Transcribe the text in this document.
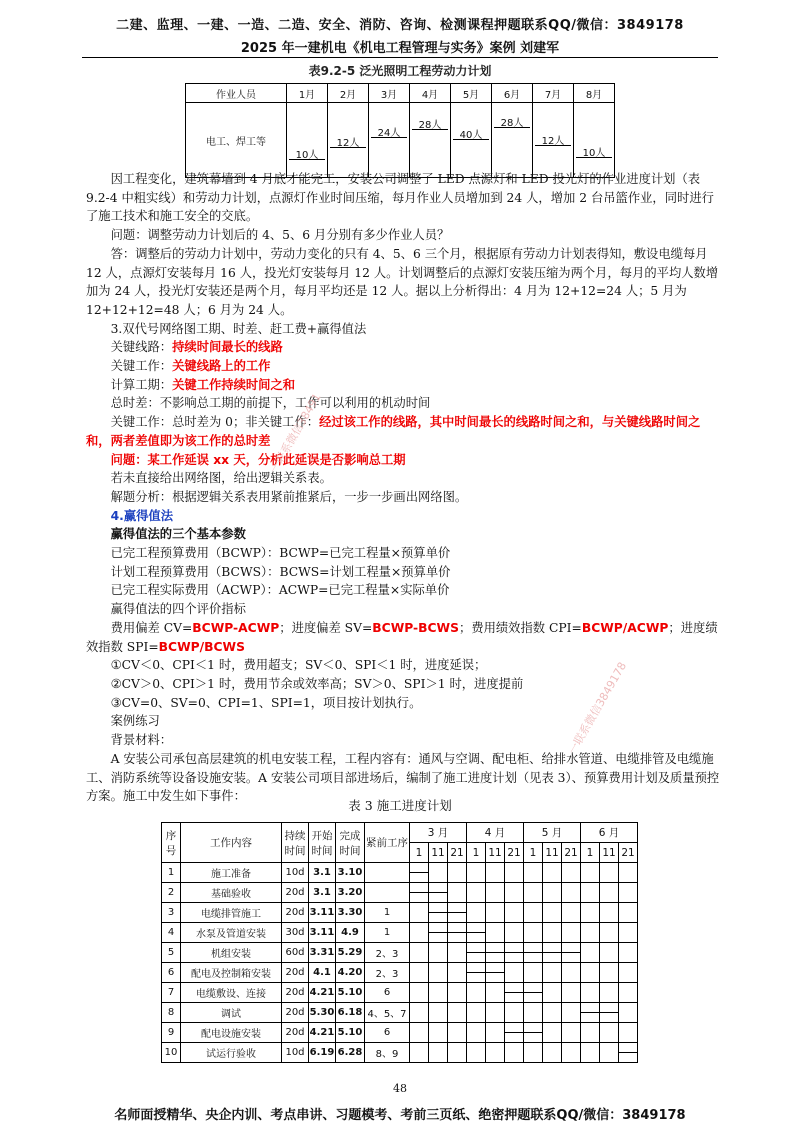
二建、监理、一建、一造、二造、安全、消防、咨询、检测课程押题联系QQ/微信：3849178
2025 年一建机电《机电工程管理与实务》案例 刘建军
表9.2-5 泛光照明工程劳动力计划
作业人员	1月	2月	3月	4月	5月	6月	7月	8月
电工、焊工等	10人	12人	24人	28人	40人	28人	12人	10人

因工程变化，建筑幕墙到 4 月底才能完工，安装公司调整了 LED 点源灯和 LED 投光灯的作业进度计划（表 9.2-4 中粗实线）和劳动力计划，点源灯作业时间压缩，每月作业人员增加到 24 人，增加 2 台吊篮作业，同时进行了施工技术和施工安全的交底。

问题：调整劳动力计划后的 4、5、6 月分别有多少作业人员？

答：调整后的劳动力计划中，劳动力变化的只有 4、5、6 三个月，根据原有劳动力计划表得知，敷设电缆每月 12 人，点源灯安装每月 16 人，投光灯安装每月 12 人。计划调整后的点源灯安装压缩为两个月，每月的平均人数增加为 24 人，投光灯安装还是两个月，每月平均还是 12 人。据以上分析得出：4 月为 12+12=24 人；5 月为 12+12+12=48 人；6 月为 24 人。

3.双代号网络图工期、时差、赶工费+赢得值法

关键线路：持续时间最长的线路

关键工作：关键线路上的工作

计算工期：关键工作持续时间之和

总时差：不影响总工期的前提下，工作可以利用的机动时间

关键工作：总时差为 0；非关键工作：经过该工作的线路，其中时间最长的线路时间之和，与关键线路时间之和，两者差值即为该工作的总时差

问题：某工作延误 xx 天，分析此延误是否影响总工期

若未直接给出网络图，给出逻辑关系表。

解题分析：根据逻辑关系表用紧前推紧后，一步一步画出网络图。

4.赢得值法

赢得值法的三个基本参数

已完工程预算费用（BCWP）：BCWP=已完工程量×预算单价

计划工程预算费用（BCWS）：BCWS=计划工程量×预算单价

已完工程实际费用（ACWP）：ACWP=已完工程量×实际单价

赢得值法的四个评价指标

费用偏差 CV=BCWP-ACWP；进度偏差 SV=BCWP-BCWS；费用绩效指数 CPI=BCWP/ACWP；进度绩效指数 SPI=BCWP/BCWS

①CV＜0、CPI＜1 时，费用超支；SV＜0、SPI＜1 时，进度延误；

②CV＞0、CPI＞1 时，费用节余或效率高；SV＞0、SPI＞1 时，进度提前

③CV=0、SV=0、CPI=1、SPI=1，项目按计划执行。

案例练习

背景材料：

A 安装公司承包高层建筑的机电安装工程，工程内容有：通风与空调、配电柜、给排水管道、电缆排管及电缆施工、消防系统等设备设施安装。A 安装公司项目部进场后，编制了施工进度计划（见表 3）、预算费用计划及质量预控方案。施工中发生如下事件：

表 3 施工进度计划
序号	工作内容	持续时间	开始时间	完成时间	紧前工序	3 月			4 月			5 月			6 月		
						1	11	21	1	11	21	1	11	21	1	11	21
1	施工准备	10d	3.1	3.10		

2	基础验收	20d	3.1	3.20		

3	电缆排管施工	20d	3.11	3.30	1		

4	水泵及管道安装	30d	3.11	4.9	1		

5	机组安装	60d	3.31	5.29	2、3				

6	配电及控制箱安装	20d	4.1	4.20	2、3				

7	电缆敷设、连接	20d	4.21	5.10	6						

8	调试	20d	5.30	6.18	4、5、7										

9	配电设施安装	20d	4.21	5.10	6						

10	试运行验收	10d	6.19	6.28	8、9												
一联系微信38491
一联系微信3849178
48
名师面授精华、央企内训、考点串讲、习题模考、考前三页纸、绝密押题联系QQ/微信：3849178
